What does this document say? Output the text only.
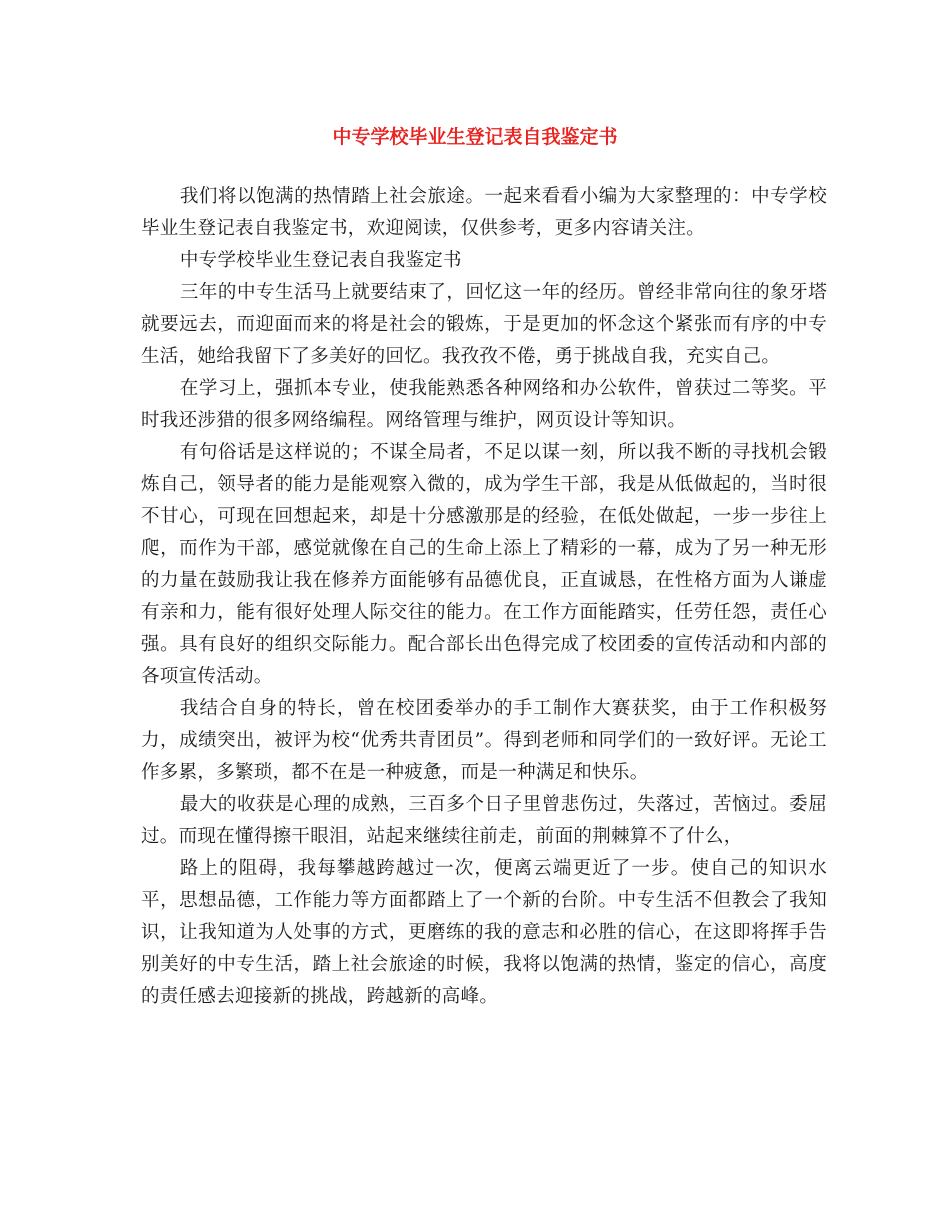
中专学校毕业生登记表自我鉴定书

我们将以饱满的热情踏上社会旅途。一起来看看小编为大家整理的：中专学校毕业生登记表自我鉴定书，欢迎阅读，仅供参考，更多内容请关注。

中专学校毕业生登记表自我鉴定书

三年的中专生活马上就要结束了，回忆这一年的经历。曾经非常向往的象牙塔就要远去，而迎面而来的将是社会的锻炼，于是更加的怀念这个紧张而有序的中专生活，她给我留下了多美好的回忆。我孜孜不倦，勇于挑战自我，充实自己。

在学习上，强抓本专业，使我能熟悉各种网络和办公软件，曾获过二等奖。平时我还涉猎的很多网络编程。网络管理与维护，网页设计等知识。

有句俗话是这样说的；不谋全局者，不足以谋一刻，所以我不断的寻找机会锻炼自己，领导者的能力是能观察入微的，成为学生干部，我是从低做起的，当时很不甘心，可现在回想起来，却是十分感激那是的经验，在低处做起，一步一步往上爬，而作为干部，感觉就像在自己的生命上添上了精彩的一幕，成为了另一种无形的力量在鼓励我让我在修养方面能够有品德优良，正直诚恳，在性格方面为人谦虚有亲和力，能有很好处理人际交往的能力。在工作方面能踏实，任劳任怨，责任心强。具有良好的组织交际能力。配合部长出色得完成了校团委的宣传活动和内部的各项宣传活动。

我结合自身的特长，曾在校团委举办的手工制作大赛获奖，由于工作积极努力，成绩突出，被评为校“优秀共青团员”。得到老师和同学们的一致好评。无论工作多累，多繁琐，都不在是一种疲惫，而是一种满足和快乐。

最大的收获是心理的成熟，三百多个日子里曾悲伤过，失落过，苦恼过。委屈过。而现在懂得擦干眼泪，站起来继续往前走，前面的荆棘算不了什么，

路上的阻碍，我每攀越跨越过一次，便离云端更近了一步。使自己的知识水平，思想品德，工作能力等方面都踏上了一个新的台阶。中专生活不但教会了我知识，让我知道为人处事的方式，更磨练的我的意志和必胜的信心，在这即将挥手告别美好的中专生活，踏上社会旅途的时候，我将以饱满的热情，鉴定的信心，高度的责任感去迎接新的挑战，跨越新的高峰。
